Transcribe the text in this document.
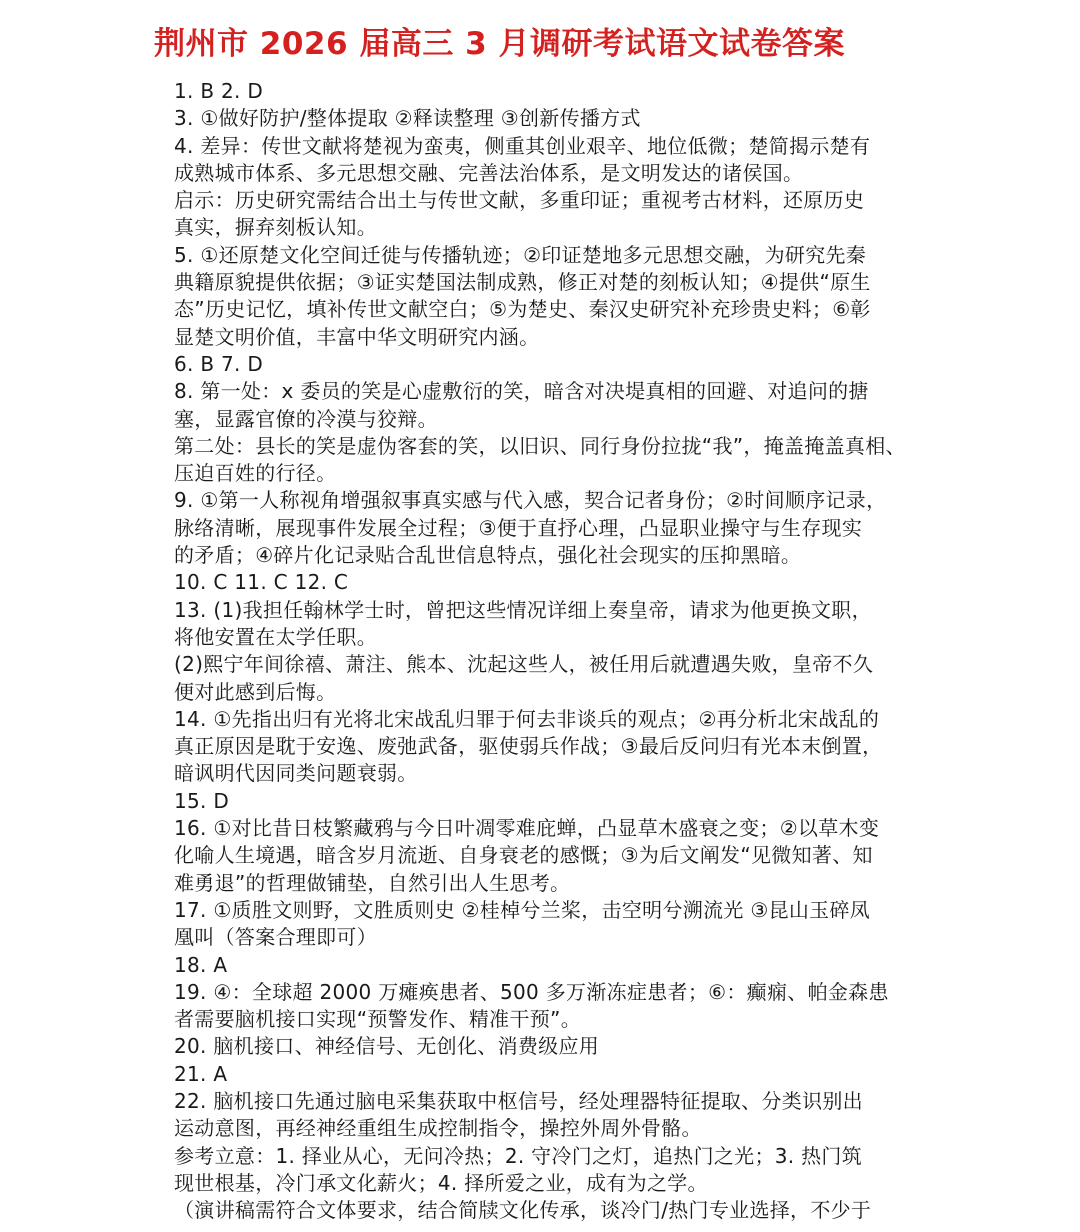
荆州市 2026 届高三 3 月调研考试语文试卷答案
1. B 2. D
3. ①做好防护/整体提取 ②释读整理 ③创新传播方式
4. 差异：传世文献将楚视为蛮夷，侧重其创业艰辛、地位低微；楚简揭示楚有
成熟城市体系、多元思想交融、完善法治体系，是文明发达的诸侯国。
启示：历史研究需结合出土与传世文献，多重印证；重视考古材料，还原历史
真实，摒弃刻板认知。
5. ①还原楚文化空间迁徙与传播轨迹；②印证楚地多元思想交融，为研究先秦
典籍原貌提供依据；③证实楚国法制成熟，修正对楚的刻板认知；④提供“原生
态”历史记忆，填补传世文献空白；⑤为楚史、秦汉史研究补充珍贵史料；⑥彰
显楚文明价值，丰富中华文明研究内涵。
6. B 7. D
8. 第一处：x 委员的笑是心虚敷衍的笑，暗含对决堤真相的回避、对追问的搪
塞，显露官僚的冷漠与狡辩。
第二处：县长的笑是虚伪客套的笑，以旧识、同行身份拉拢“我”，掩盖掩盖真相、
压迫百姓的行径。
9. ①第一人称视角增强叙事真实感与代入感，契合记者身份；②时间顺序记录，
脉络清晰，展现事件发展全过程；③便于直抒心理，凸显职业操守与生存现实
的矛盾；④碎片化记录贴合乱世信息特点，强化社会现实的压抑黑暗。
10. C 11. C 12. C
13. (1)我担任翰林学士时，曾把这些情况详细上奏皇帝，请求为他更换文职，
将他安置在太学任职。
(2)熙宁年间徐禧、萧注、熊本、沈起这些人，被任用后就遭遇失败，皇帝不久
便对此感到后悔。
14. ①先指出归有光将北宋战乱归罪于何去非谈兵的观点；②再分析北宋战乱的
真正原因是耽于安逸、废弛武备，驱使弱兵作战；③最后反问归有光本末倒置，
暗讽明代因同类问题衰弱。
15. D
16. ①对比昔日枝繁藏鸦与今日叶凋零难庇蝉，凸显草木盛衰之变；②以草木变
化喻人生境遇，暗含岁月流逝、自身衰老的感慨；③为后文阐发“见微知著、知
难勇退”的哲理做铺垫，自然引出人生思考。
17. ①质胜文则野，文胜质则史 ②桂棹兮兰桨，击空明兮溯流光 ③昆山玉碎凤
凰叫（答案合理即可）
18. A
19. ④：全球超 2000 万瘫痪患者、500 多万渐冻症患者；⑥：癫痫、帕金森患
者需要脑机接口实现“预警发作、精准干预”。
20. 脑机接口、神经信号、无创化、消费级应用
21. A
22. 脑机接口先通过脑电采集获取中枢信号，经处理器特征提取、分类识别出
运动意图，再经神经重组生成控制指令，操控外周外骨骼。
参考立意：1. 择业从心，无问冷热；2. 守冷门之灯，追热门之光；3. 热门筑
现世根基，冷门承文化薪火；4. 择所爱之业，成有为之学。
（演讲稿需符合文体要求，结合简牍文化传承，谈冷门/热门专业选择，不少于
